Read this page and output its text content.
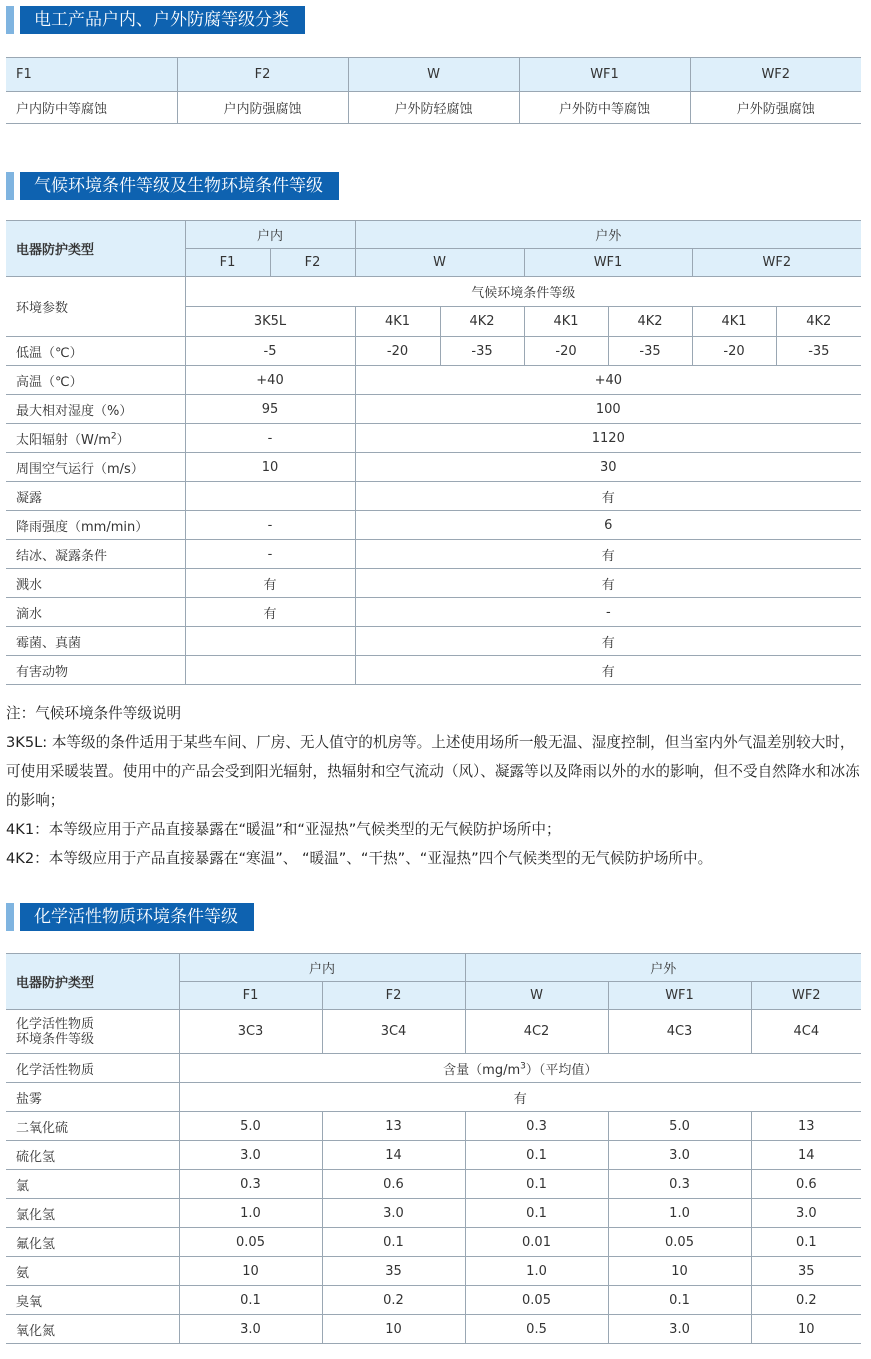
电工产品户内、户外防腐等级分类
F1	F2	W	WF1	WF2
户内防中等腐蚀	户内防强腐蚀	户外防轻腐蚀	户外防中等腐蚀	户外防强腐蚀
气候环境条件等级及生物环境条件等级
电器防护类型	户内		户外					
	F1	F2	W		WF1		WF2	
环境参数	气候环境条件等级							
	3K5L		4K1	4K2	4K1	4K2	4K1	4K2
低温（℃）	-5		-20	-35	-20	-35	-20	-35
高温（℃）	+40		+40					
最大相对湿度（%）	95		100					
太阳辐射$(W/m^2)$	-		1120					
周围空气运行（m/s）	10		30					
凝露			有					
降雨强度（mm/min）	-		6					
结冰、凝露条件	-		有					
溅水	有		有					
滴水	有		-					
霉菌、真菌			有					
有害动物			有					

注：气候环境条件等级说明

3K5L: 本等级的条件适用于某些车间、厂房、无人值守的机房等。上述使用场所一般无温、湿度控制，但当室内外气温差别较大时，可使用采暖装置。使用中的产品会受到阳光辐射，热辐射和空气流动（风）、凝露等以及降雨以外的水的影响，但不受自然降水和冰冻的影响；

4K1：本等级应用于产品直接暴露在“暖温”和“亚湿热”气候类型的无气候防护场所中；

4K2：本等级应用于产品直接暴露在“寒温”、 “暖温”、“干热”、“亚湿热”四个气候类型的无气候防护场所中。

化学活性物质环境条件等级
电器防护类型	户内		户外		
	F1	F2	W	WF1	WF2
化学活性物质
环境条件等级	3C3	3C4	4C2	4C3	4C4
化学活性物质	含量$(mg/m^3)$（平均值）				
盐雾	有				
二氧化硫	5.0	13	0.3	5.0	13
硫化氢	3.0	14	0.1	3.0	14
氯	0.3	0.6	0.1	0.3	0.6
氯化氢	1.0	3.0	0.1	1.0	3.0
氟化氢	0.05	0.1	0.01	0.05	0.1
氨	10	35	1.0	10	35
臭氧	0.1	0.2	0.05	0.1	0.2
氧化氮	3.0	10	0.5	3.0	10
